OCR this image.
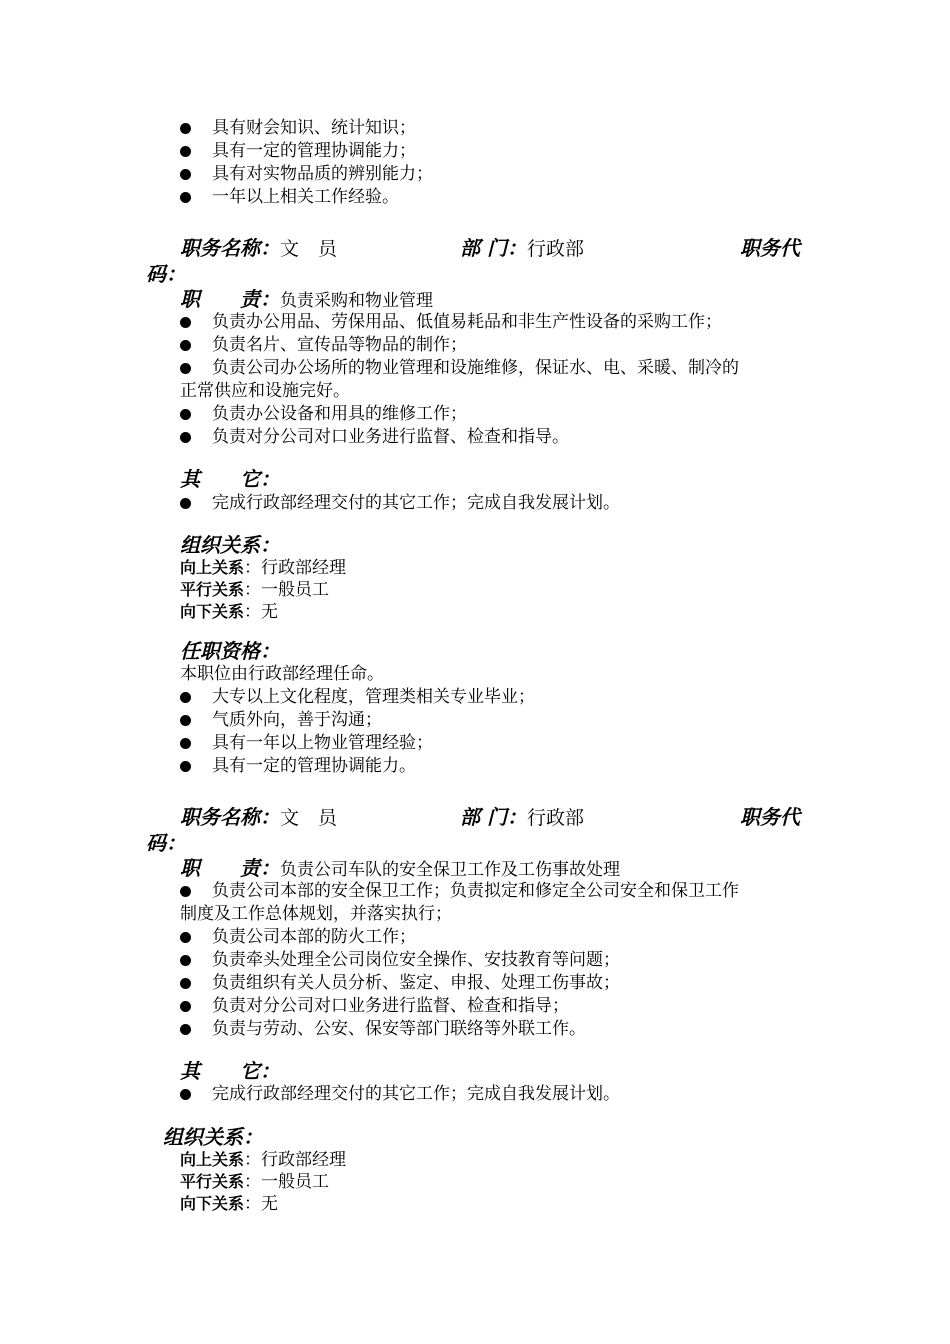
具有财会知识、统计知识；
具有一定的管理协调能力；
具有对实物品质的辨别能力；
一年以上相关工作经验。
职务名称：文　员	部 门：行政部	职务代
码：
职　　责：负责采购和物业管理
负责办公用品、劳保用品、低值易耗品和非生产性设备的采购工作；
负责名片、宣传品等物品的制作；
负责公司办公场所的物业管理和设施维修，保证水、电、采暖、制冷的
正常供应和设施完好。
负责办公设备和用具的维修工作；
负责对分公司对口业务进行监督、检查和指导。
其　　它：
完成行政部经理交付的其它工作；完成自我发展计划。
组织关系：
向上关系：行政部经理
平行关系：一般员工
向下关系：无
任职资格：
本职位由行政部经理任命。
大专以上文化程度，管理类相关专业毕业；
气质外向，善于沟通；
具有一年以上物业管理经验；
具有一定的管理协调能力。
职务名称：文　员	部 门：行政部	职务代
码：
职　　责：负责公司车队的安全保卫工作及工伤事故处理
负责公司本部的安全保卫工作；负责拟定和修定全公司安全和保卫工作
制度及工作总体规划，并落实执行；
负责公司本部的防火工作；
负责牵头处理全公司岗位安全操作、安技教育等问题；
负责组织有关人员分析、鉴定、申报、处理工伤事故；
负责对分公司对口业务进行监督、检查和指导；
负责与劳动、公安、保安等部门联络等外联工作。
其　　它：
完成行政部经理交付的其它工作；完成自我发展计划。
组织关系：
向上关系：行政部经理
平行关系：一般员工
向下关系：无
